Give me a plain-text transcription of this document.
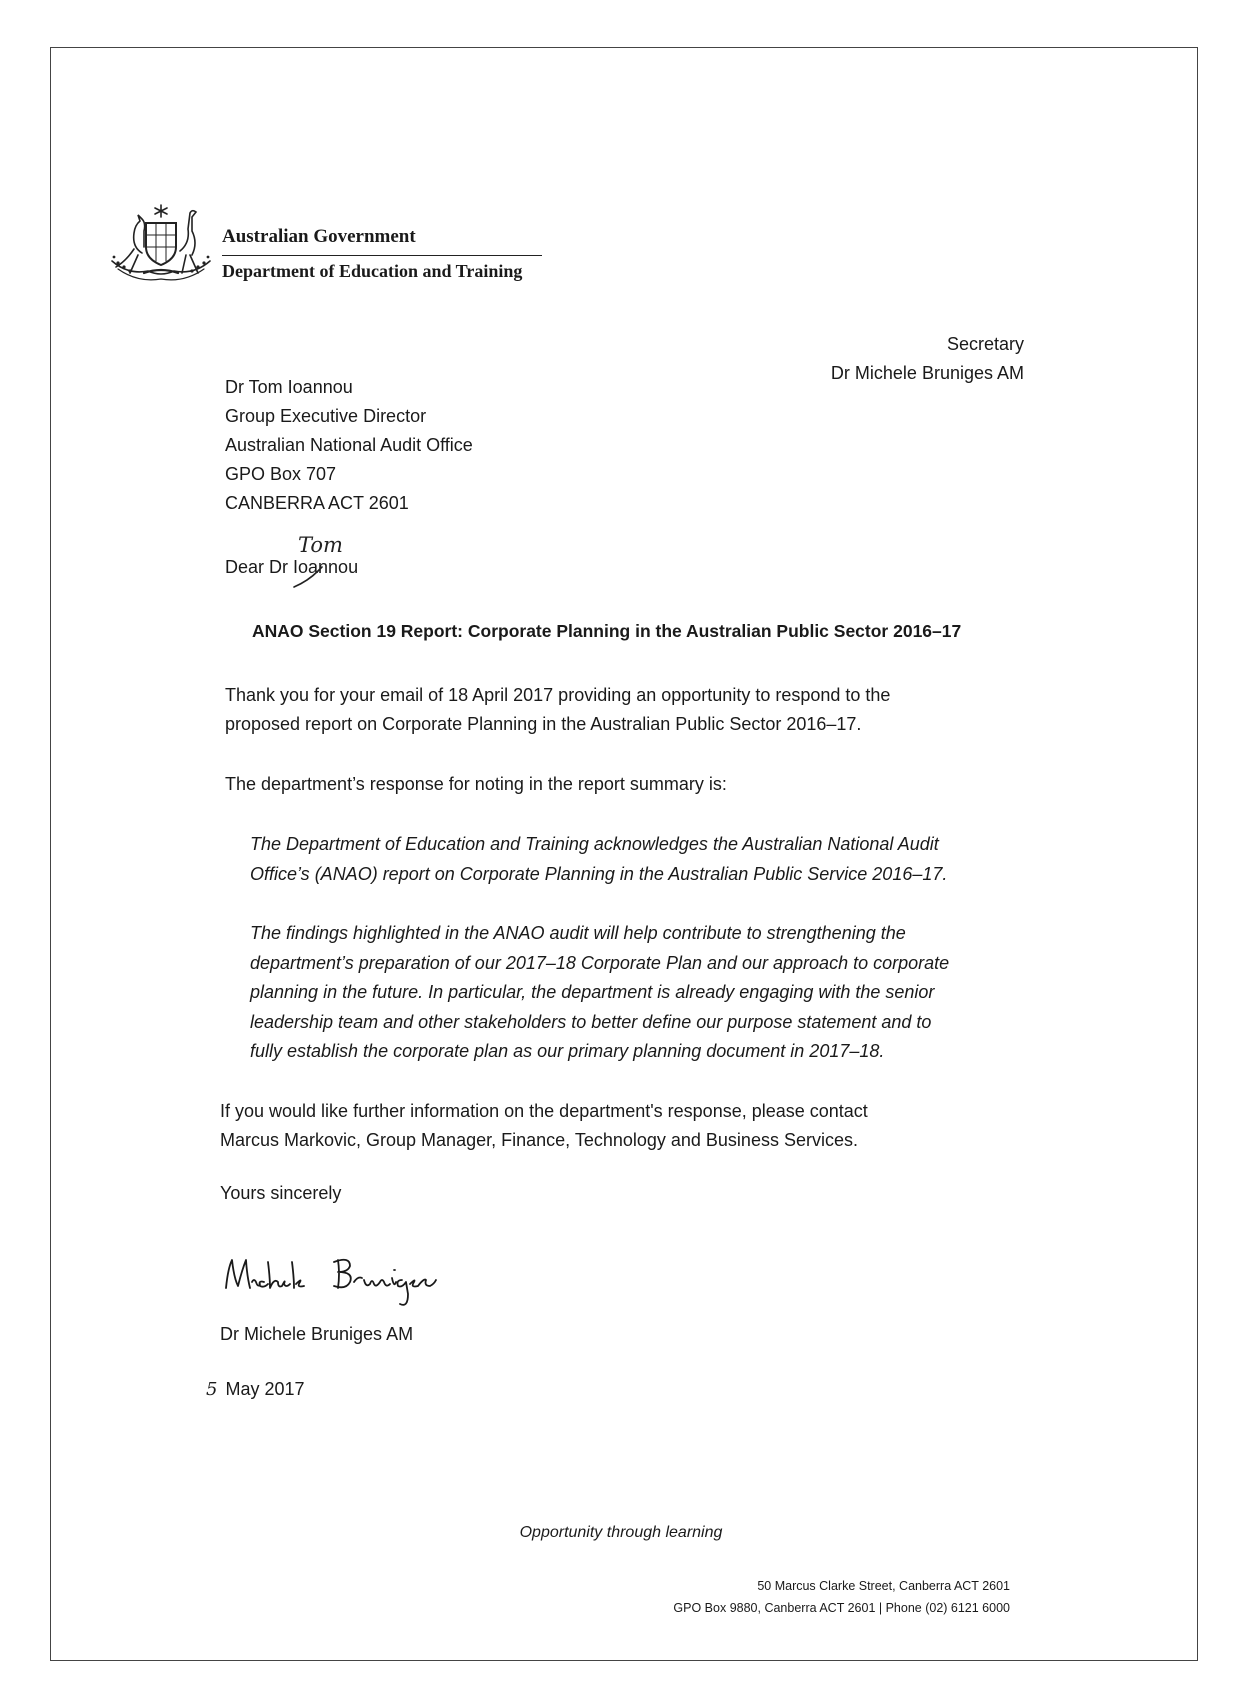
Australian Government
Department of Education and Training
Secretary
Dr Michele Bruniges AM
Dr Tom Ioannou
Group Executive Director
Australian National Audit Office
GPO Box 707
CANBERRA ACT 2601
Tom
Dear Dr Ioannou
ANAO Section 19 Report: Corporate Planning in the Australian Public Sector 2016–17
Thank you for your email of 18 April 2017 providing an opportunity to respond to the
proposed report on Corporate Planning in the Australian Public Sector 2016–17.
The department’s response for noting in the report summary is:
The Department of Education and Training acknowledges the Australian National Audit
Office’s (ANAO) report on Corporate Planning in the Australian Public Service 2016–17.
The findings highlighted in the ANAO audit will help contribute to strengthening the
department’s preparation of our 2017–18 Corporate Plan and our approach to corporate
planning in the future. In particular, the department is already engaging with the senior
leadership team and other stakeholders to better define our purpose statement and to
fully establish the corporate plan as our primary planning document in 2017–18.
If you would like further information on the department's response, please contact
Marcus Markovic, Group Manager, Finance, Technology and Business Services.
Yours sincerely
Dr Michele Bruniges AM
5 May 2017
Opportunity through learning
50 Marcus Clarke Street, Canberra ACT 2601
GPO Box 9880, Canberra ACT 2601 | Phone (02) 6121 6000
